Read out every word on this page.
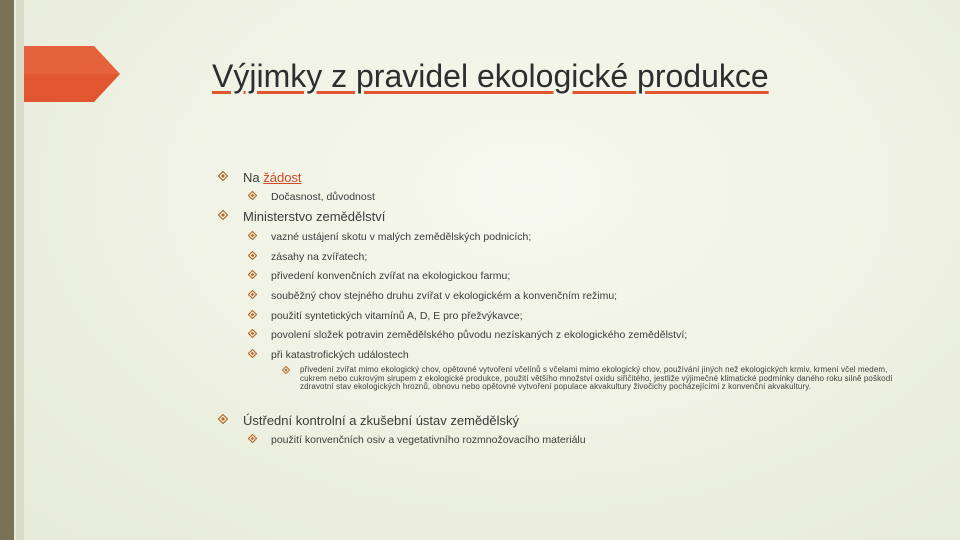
Výjimky z pravidel ekologické produkce
Na žádost
Dočasnost, důvodnost
Ministerstvo zemědělství
vazné ustájení skotu v malých zemědělských podnicích;
zásahy na zvířatech;
přivedení konvenčních zvířat na ekologickou farmu;
souběžný chov stejného druhu zvířat v ekologickém a konvenčním režimu;
použití syntetických vitamínů A, D, E pro přežvýkavce;
povolení složek potravin zemědělského původu nezískaných z ekologického zemědělství;
při katastrofických událostech
přivedení zvířat mimo ekologický chov, opětovné vytvoření včelínů s včelami mimo ekologický chov, používání jiných než ekologických krmiv, krmení včel medem, cukrem nebo cukrovým sirupem z ekologické produkce, použití většího množství oxidu siřičitého, jestliže výjimečné klimatické podmínky daného roku silně poškodí zdravotní stav ekologických hroznů, obnovu nebo opětovné vytvoření populace akvakultury živočichy pocházejícími z konvenční akvakultury.
Ústřední kontrolní a zkušební ústav zemědělský
použití konvenčních osiv a vegetativního rozmnožovacího materiálu
